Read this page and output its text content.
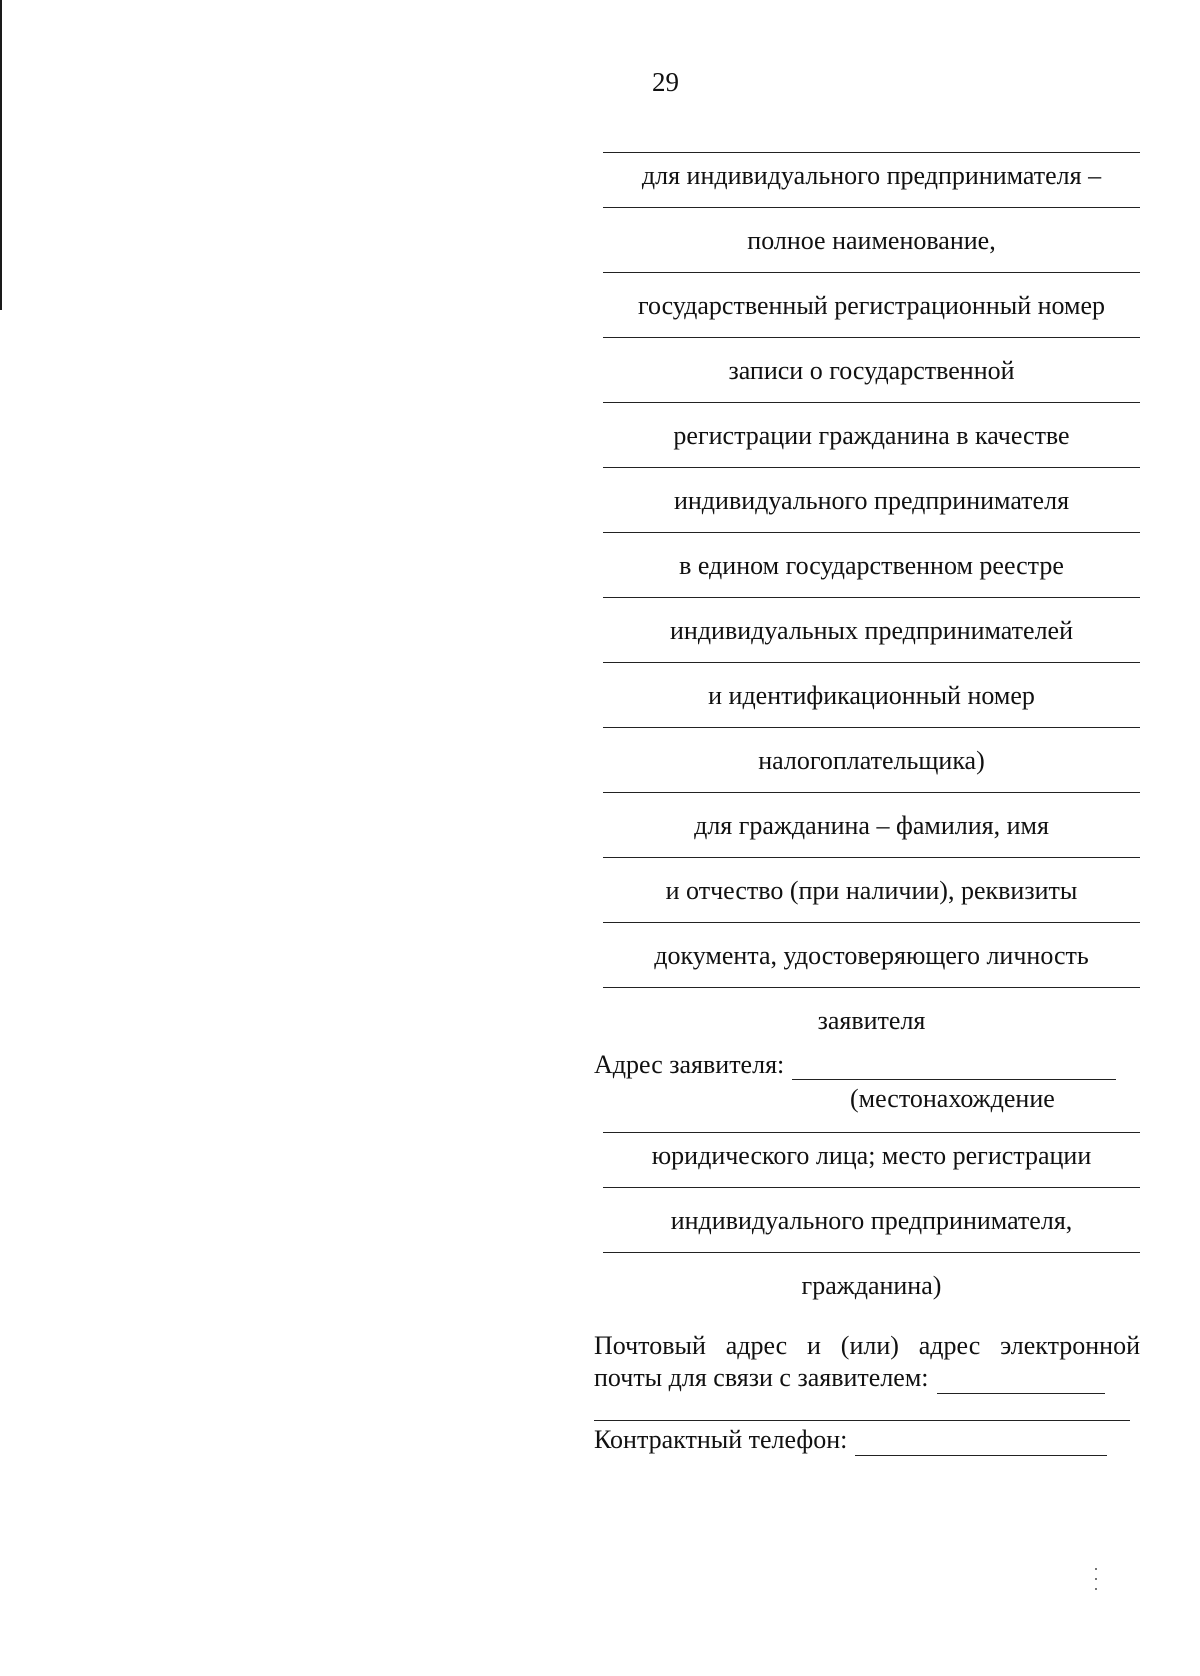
29
для индивидуального предпринимателя –
полное наименование,
государственный регистрационный номер
записи о государственной
регистрации гражданина в качестве
индивидуального предпринимателя
в едином государственном реестре
индивидуальных предпринимателей
и идентификационный номер
налогоплательщика)
для гражданина – фамилия, имя
и отчество (при наличии), реквизиты
документа, удостоверяющего личность
заявителя
Адрес заявителя:
(местонахождение
юридического лица; место регистрации
индивидуального предпринимателя,
гражданина)
Почтовый адрес и (или) адрес электронной
почты для связи с заявителем:
Контрактный телефон:
